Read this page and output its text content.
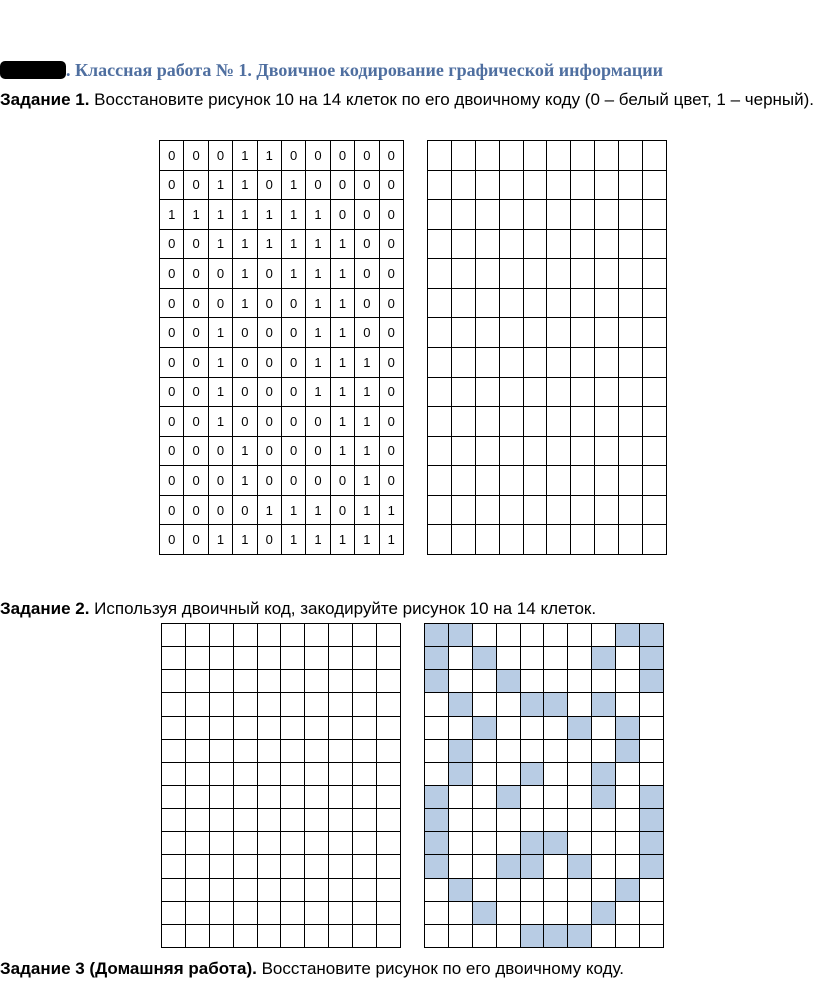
. Классная работа № 1. Двоичное кодирование графической информации
Задание 1. Восстановите рисунок 10 на 14 клеток по его двоичному коду (0 – белый цвет, 1 – черный).
0	0	0	1	1	0	0	0	0	0
0	0	1	1	0	1	0	0	0	0
1	1	1	1	1	1	1	0	0	0
0	0	1	1	1	1	1	1	0	0
0	0	0	1	0	1	1	1	0	0
0	0	0	1	0	0	1	1	0	0
0	0	1	0	0	0	1	1	0	0
0	0	1	0	0	0	1	1	1	0
0	0	1	0	0	0	1	1	1	0
0	0	1	0	0	0	0	1	1	0
0	0	0	1	0	0	0	1	1	0
0	0	0	1	0	0	0	0	1	0
0	0	0	0	1	1	1	0	1	1
0	0	1	1	0	1	1	1	1	1

Задание 2. Используя двоичный код, закодируйте рисунок 10 на 14 клеток.

Задание 3 (Домашняя работа). Восстановите рисунок по его двоичному коду.
